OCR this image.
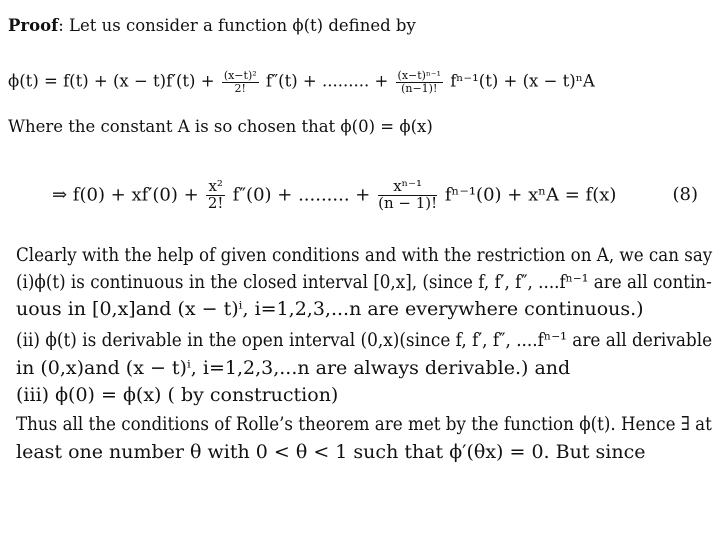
Proof: Let us consider a function ϕ(t) defined by
$\phi(t) = f(t) + (x - t)f'(t) + \frac{\text{(x−t)²}}{2!} f''(t)$ + ......... + $\frac{\text{(x−t)ⁿ⁻¹}}{(n-1)!} f^{n-1}(t) + (x - t)^nA$
Where the constant A is so chosen that ϕ(0) = ϕ(x)
⇒ $f(0) + xf'(0) + \frac{\text{x²}}{2!} f''(0)$ + ......... + $\frac{\text{xⁿ⁻¹}}{(n - 1)!} f^{n-1}(0) + x^nA = f(x)$	(8)
Clearly with the help of given conditions and with the restriction on A, we can say
(i)ϕ(t) is continuous in the closed interval [0,x], (since f, f′, f″, ....fⁿ⁻¹ are all contin-
uous in [0,x]and (x − t)ⁱ, i=1,2,3,...n are everywhere continuous.)
(ii) ϕ(t) is derivable in the open interval (0,x)(since f, f′, f″, ....fⁿ⁻¹ are all derivable
in (0,x)and (x − t)ⁱ, i=1,2,3,...n are always derivable.) and
(iii) ϕ(0) = ϕ(x) ( by construction)
Thus all the conditions of Rolle’s theorem are met by the function ϕ(t). Hence ∃ at
least one number θ with 0 < θ < 1 such that ϕ′(θx) = 0. But since
